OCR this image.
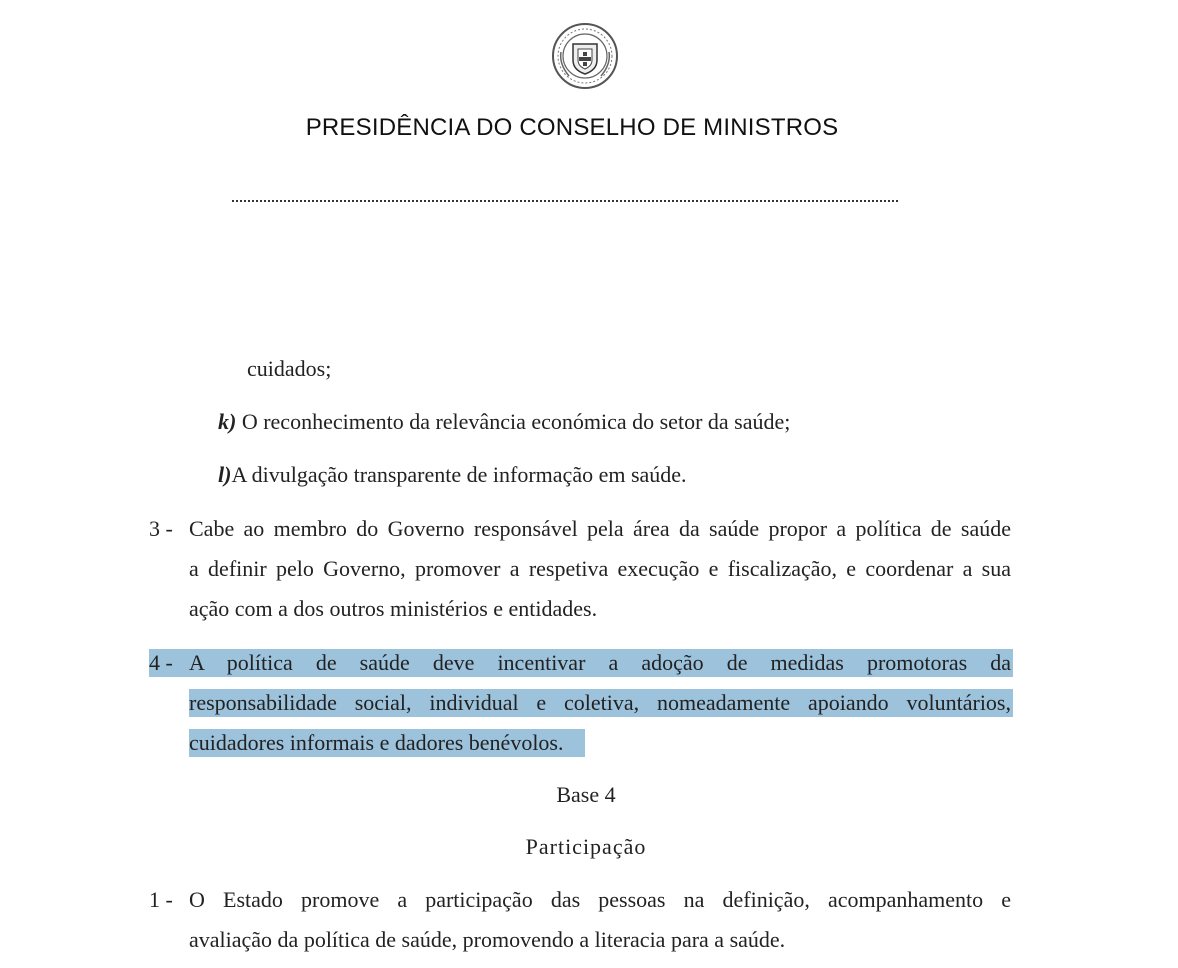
PRESIDÊNCIA DO CONSELHO DE MINISTROS
cuidados;
k) O reconhecimento da relevância económica do setor da saúde;
l)A divulgação transparente de informação em saúde.
3 - Cabe ao membro do Governo responsável pela área da saúde propor a política de saúde
a definir pelo Governo, promover a respetiva execução e fiscalização, e coordenar a sua
ação com a dos outros ministérios e entidades.
4 - A política de saúde deve incentivar a adoção de medidas promotoras da
responsabilidade social, individual e coletiva, nomeadamente apoiando voluntários,
cuidadores informais e dadores benévolos.
Base 4
Participação
1 - O Estado promove a participação das pessoas na definição, acompanhamento e
avaliação da política de saúde, promovendo a literacia para a saúde.
